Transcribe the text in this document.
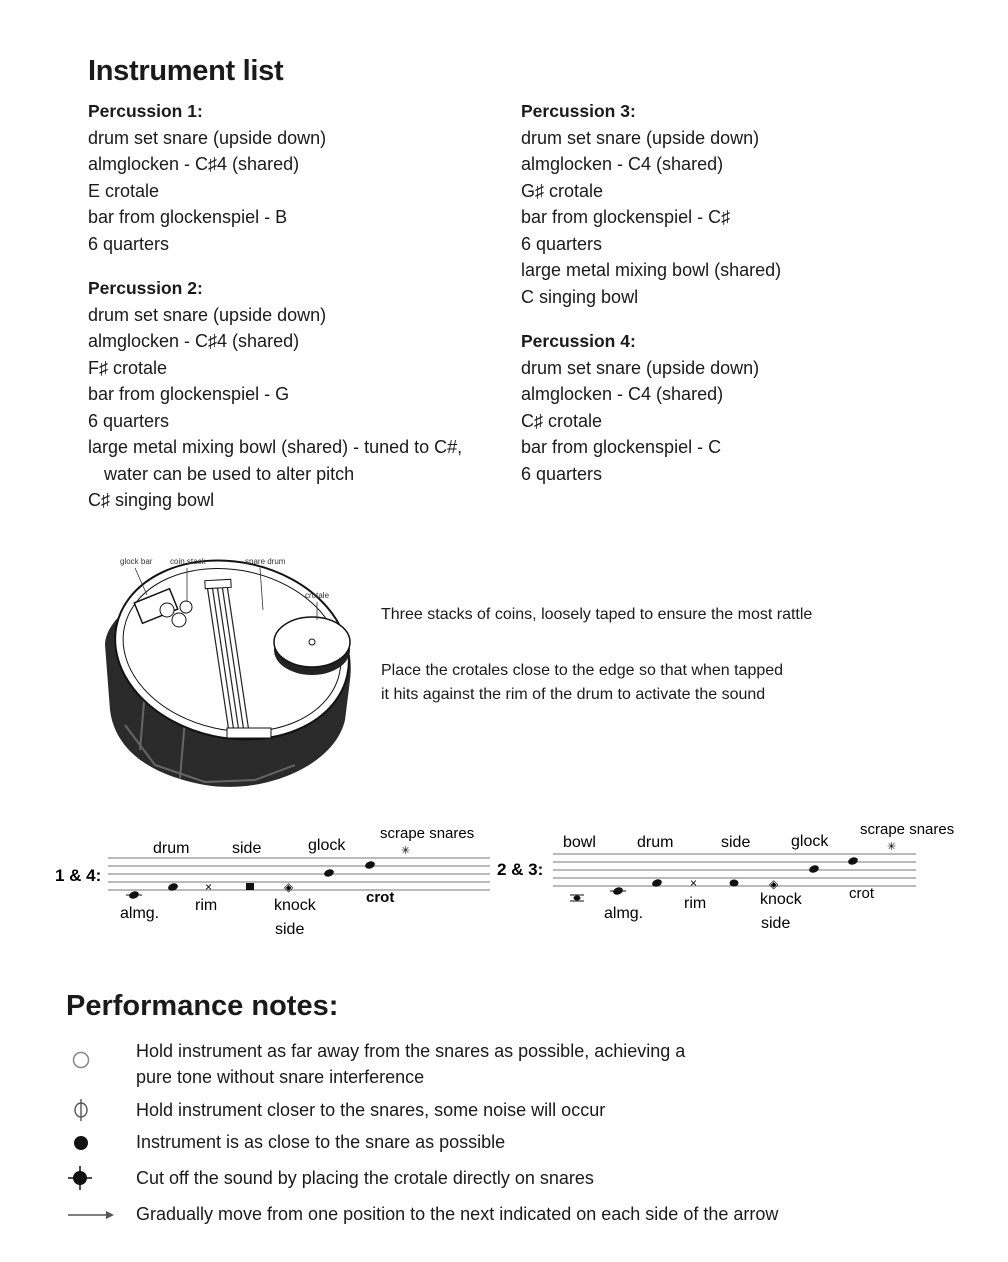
Instrument list
Percussion 1:
drum set snare (upside down)
almglocken - C♯4 (shared)
E crotale
bar from glockenspiel - B
6 quarters
Percussion 2:
drum set snare (upside down)
almglocken - C♯4 (shared)
F♯ crotale
bar from glockenspiel - G
6 quarters
large metal mixing bowl (shared) - tuned to C#,
water can be used to alter pitch
C♯ singing bowl
Percussion 3:
drum set snare (upside down)
almglocken - C4 (shared)
G♯ crotale
bar from glockenspiel - C♯
6 quarters
large metal mixing bowl (shared)
C singing bowl
Percussion 4:
drum set snare (upside down)
almglocken - C4 (shared)
C♯ crotale
bar from glockenspiel - C
6 quarters
glock bar coin stack	snare drum
crotale
Three stacks of coins, loosely taped to ensure the most rattle
Place the crotales close to the edge so that when tapped
it hits against the rim of the drum to activate the sound
1 & 4:
×	◈
✳
drum	side	glock
scrape snares
almg. rim	knock
side
crot
2 & 3:
×	◈
✳
bowl	drum	side	glock
scrape snares
almg.
rim	knock
side
crot
Performance notes:
Hold instrument as far away from the snares as possible, achieving a
pure tone without snare interference
Hold instrument closer to the snares, some noise will occur
Instrument is as close to the snare as possible
Cut off the sound by placing the crotale directly on snares
Gradually move from one position to the next indicated on each side of the arrow
